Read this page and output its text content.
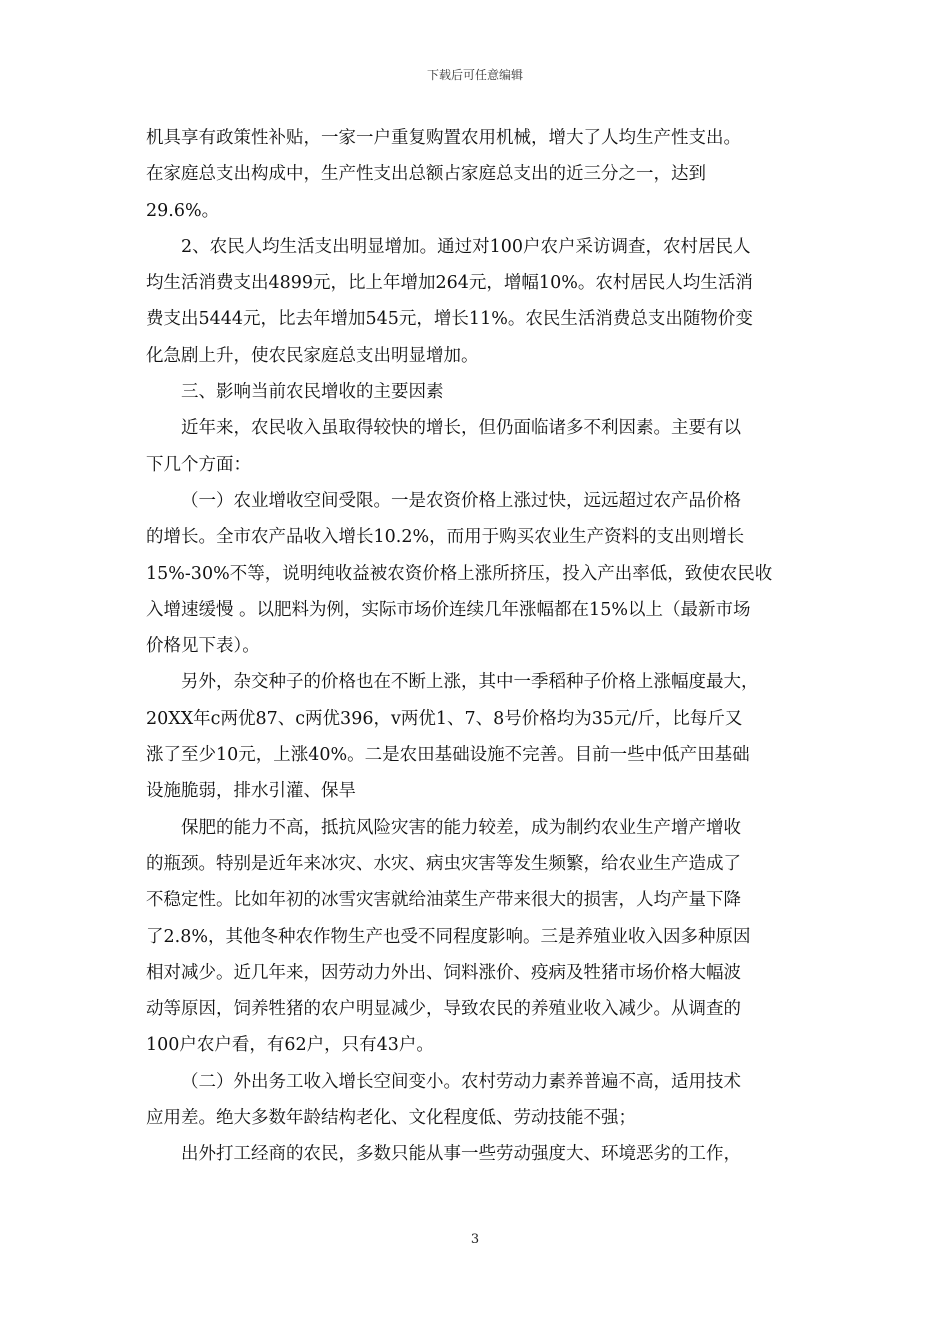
下载后可任意编辑
机具享有政策性补贴，一家一户重复购置农用机械，增大了人均生产性支出。
在家庭总支出构成中，生产性支出总额占家庭总支出的近三分之一，达到
29.6%。
2、农民人均生活支出明显增加。通过对100户农户采访调查，农村居民人
均生活消费支出4899元，比上年增加264元，增幅10%。农村居民人均生活消
费支出5444元，比去年增加545元，增长11%。农民生活消费总支出随物价变
化急剧上升，使农民家庭总支出明显增加。
三、影响当前农民增收的主要因素
近年来，农民收入虽取得较快的增长，但仍面临诸多不利因素。主要有以
下几个方面：
（一）农业增收空间受限。一是农资价格上涨过快，远远超过农产品价格
的增长。全市农产品收入增长10.2%，而用于购买农业生产资料的支出则增长
15%-30%不等，说明纯收益被农资价格上涨所挤压，投入产出率低，致使农民收
入增速缓慢 。以肥料为例，实际市场价连续几年涨幅都在15%以上（最新市场
价格见下表）。
另外，杂交种子的价格也在不断上涨，其中一季稻种子价格上涨幅度最大，
20XX年c两优87、c两优396，v两优1、7、8号价格均为35元/斤，比每斤又
涨了至少10元，上涨40%。二是农田基础设施不完善。目前一些中低产田基础
设施脆弱，排水引灌、保旱
保肥的能力不高，抵抗风险灾害的能力较差，成为制约农业生产增产增收
的瓶颈。特别是近年来冰灾、水灾、病虫灾害等发生频繁，给农业生产造成了
不稳定性。比如年初的冰雪灾害就给油菜生产带来很大的损害，人均产量下降
了2.8%，其他冬种农作物生产也受不同程度影响。三是养殖业收入因多种原因
相对减少。近几年来，因劳动力外出、饲料涨价、疫病及牲猪市场价格大幅波
动等原因，饲养牲猪的农户明显减少，导致农民的养殖业收入减少。从调查的
100户农户看，有62户，只有43户。
（二）外出务工收入增长空间变小。农村劳动力素养普遍不高，适用技术
应用差。绝大多数年龄结构老化、文化程度低、劳动技能不强；
出外打工经商的农民，多数只能从事一些劳动强度大、环境恶劣的工作，
3
